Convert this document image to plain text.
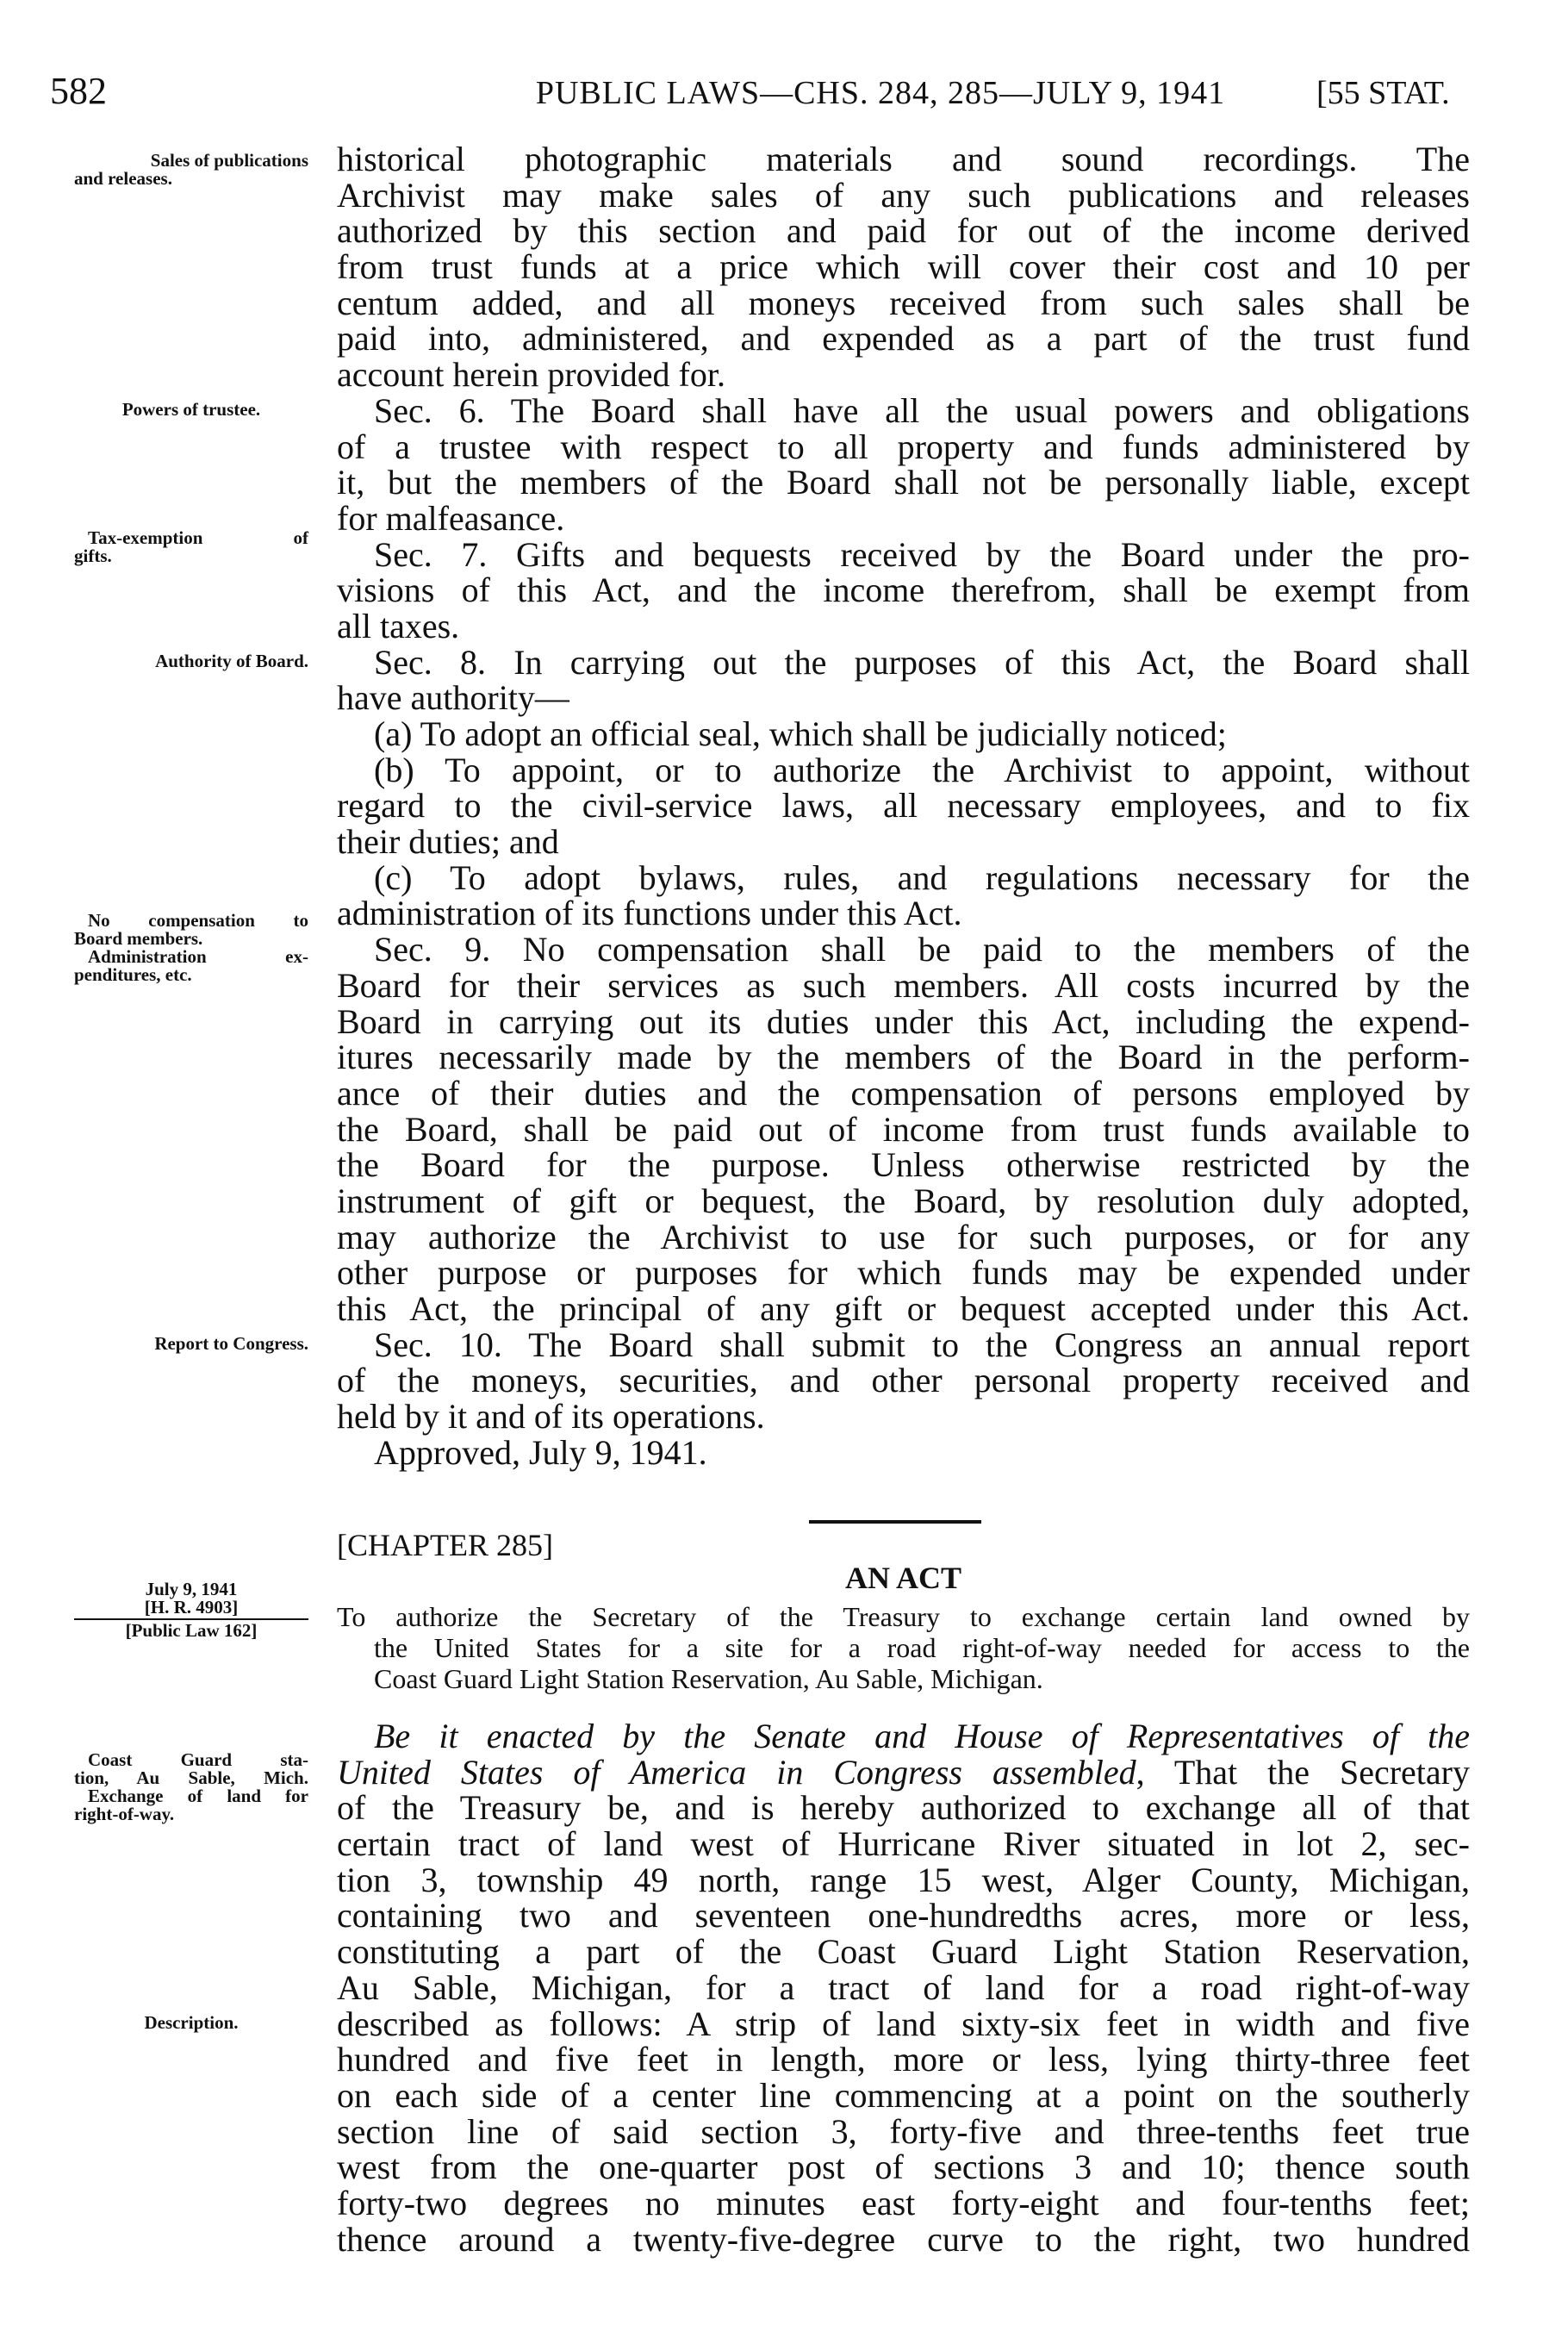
582	PUBLIC LAWS—CHS. 284, 285—JULY 9, 1941	[55 STAT.
historical photographic materials and sound recordings. The
Archivist may make sales of any such publications and releases
authorized by this section and paid for out of the income derived
from trust funds at a price which will cover their cost and 10 per
centum added, and all moneys received from such sales shall be
paid into, administered, and expended as a part of the trust fund
account herein provided for.
Sec. 6. The Board shall have all the usual powers and obligations
of a trustee with respect to all property and funds administered by
it, but the members of the Board shall not be personally liable, except
for malfeasance.
Sec. 7. Gifts and bequests received by the Board under the pro-
visions of this Act, and the income therefrom, shall be exempt from
all taxes.
Sec. 8. In carrying out the purposes of this Act, the Board shall
have authority—
(a) To adopt an official seal, which shall be judicially noticed;
(b) To appoint, or to authorize the Archivist to appoint, without
regard to the civil-service laws, all necessary employees, and to fix
their duties; and
(c) To adopt bylaws, rules, and regulations necessary for the
administration of its functions under this Act.
Sec. 9. No compensation shall be paid to the members of the
Board for their services as such members. All costs incurred by the
Board in carrying out its duties under this Act, including the expend-
itures necessarily made by the members of the Board in the perform-
ance of their duties and the compensation of persons employed by
the Board, shall be paid out of income from trust funds available to
the Board for the purpose. Unless otherwise restricted by the
instrument of gift or bequest, the Board, by resolution duly adopted,
may authorize the Archivist to use for such purposes, or for any
other purpose or purposes for which funds may be expended under
this Act, the principal of any gift or bequest accepted under this Act.
Sec. 10. The Board shall submit to the Congress an annual report
of the moneys, securities, and other personal property received and
held by it and of its operations.
Approved, July 9, 1941.
Sales of publications
and releases.
Powers of trustee.
Tax-exemption of
gifts.
Authority of Board.
No compensation to
Board members.
Administration ex-
penditures, etc.
Report to Congress.
July 9, 1941
[H. R. 4903]
[Public Law 162]
[CHAPTER 285]
AN ACT
To authorize the Secretary of the Treasury to exchange certain land owned by
the United States for a site for a road right-of-way needed for access to the
Coast Guard Light Station Reservation, Au Sable, Michigan.
Be it enacted by the Senate and House of Representatives of the
United States of America in Congress assembled, That the Secretary
of the Treasury be, and is hereby authorized to exchange all of that
certain tract of land west of Hurricane River situated in lot 2, sec-
tion 3, township 49 north, range 15 west, Alger County, Michigan,
containing two and seventeen one-hundredths acres, more or less,
constituting a part of the Coast Guard Light Station Reservation,
Au Sable, Michigan, for a tract of land for a road right-of-way
described as follows: A strip of land sixty-six feet in width and five
hundred and five feet in length, more or less, lying thirty-three feet
on each side of a center line commencing at a point on the southerly
section line of said section 3, forty-five and three-tenths feet true
west from the one-quarter post of sections 3 and 10; thence south
forty-two degrees no minutes east forty-eight and four-tenths feet;
thence around a twenty-five-degree curve to the right, two hundred
Coast Guard sta-
tion, Au Sable, Mich.
Exchange of land for
right-of-way.
Description.
